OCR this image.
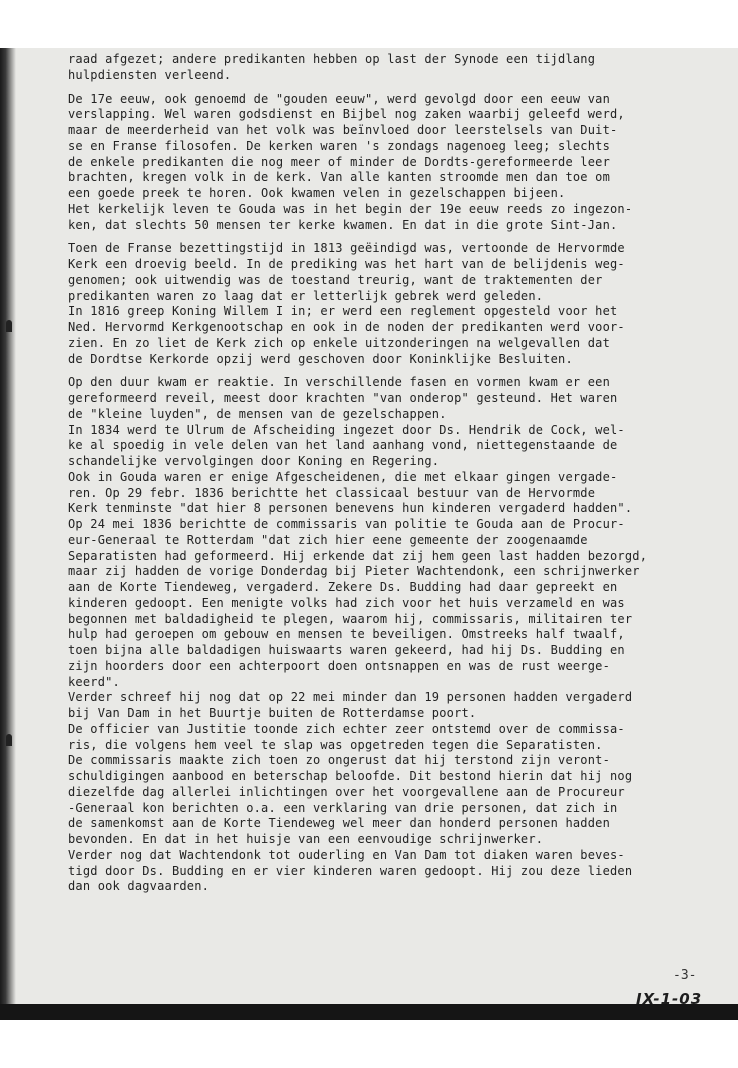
raad afgezet; andere predikanten hebben op last der Synode een tijdlang
hulpdiensten verleend.
De 17e eeuw, ook genoemd de "gouden eeuw", werd gevolgd door een eeuw van
verslapping. Wel waren godsdienst en Bijbel nog zaken waarbij geleefd werd,
maar de meerderheid van het volk was beïnvloed door leerstelsels van Duit-
se en Franse filosofen. De kerken waren 's zondags nagenoeg leeg; slechts
de enkele predikanten die nog meer of minder de Dordts-gereformeerde leer
brachten, kregen volk in de kerk. Van alle kanten stroomde men dan toe om
een goede preek te horen. Ook kwamen velen in gezelschappen bijeen.
Het kerkelijk leven te Gouda was in het begin der 19e eeuw reeds zo ingezon-
ken, dat slechts 50 mensen ter kerke kwamen. En dat in die grote Sint-Jan.
Toen de Franse bezettingstijd in 1813 geëindigd was, vertoonde de Hervormde
Kerk een droevig beeld. In de prediking was het hart van de belijdenis weg-
genomen; ook uitwendig was de toestand treurig, want de traktementen der
predikanten waren zo laag dat er letterlijk gebrek werd geleden.
In 1816 greep Koning Willem I in; er werd een reglement opgesteld voor het
Ned. Hervormd Kerkgenootschap en ook in de noden der predikanten werd voor-
zien. En zo liet de Kerk zich op enkele uitzonderingen na welgevallen dat
de Dordtse Kerkorde opzij werd geschoven door Koninklijke Besluiten.
Op den duur kwam er reaktie. In verschillende fasen en vormen kwam er een
gereformeerd reveil, meest door krachten "van onderop" gesteund. Het waren
de "kleine luyden", de mensen van de gezelschappen.
In 1834 werd te Ulrum de Afscheiding ingezet door Ds. Hendrik de Cock, wel-
ke al spoedig in vele delen van het land aanhang vond, niettegenstaande de
schandelijke vervolgingen door Koning en Regering.
Ook in Gouda waren er enige Afgescheidenen, die met elkaar gingen vergade-
ren. Op 29 febr. 1836 berichtte het classicaal bestuur van de Hervormde
Kerk tenminste "dat hier 8 personen benevens hun kinderen vergaderd hadden".
Op 24 mei 1836 berichtte de commissaris van politie te Gouda aan de Procur-
eur-Generaal te Rotterdam "dat zich hier eene gemeente der zoogenaamde
Separatisten had geformeerd. Hij erkende dat zij hem geen last hadden bezorgd,
maar zij hadden de vorige Donderdag bij Pieter Wachtendonk, een schrijnwerker
aan de Korte Tiendeweg, vergaderd. Zekere Ds. Budding had daar gepreekt en
kinderen gedoopt. Een menigte volks had zich voor het huis verzameld en was
begonnen met baldadigheid te plegen, waarom hij, commissaris, militairen ter
hulp had geroepen om gebouw en mensen te beveiligen. Omstreeks half twaalf,
toen bijna alle baldadigen huiswaarts waren gekeerd, had hij Ds. Budding en
zijn hoorders door een achterpoort doen ontsnappen en was de rust weerge-
keerd".
Verder schreef hij nog dat op 22 mei minder dan 19 personen hadden vergaderd
bij Van Dam in het Buurtje buiten de Rotterdamse poort.
De officier van Justitie toonde zich echter zeer ontstemd over de commissa-
ris, die volgens hem veel te slap was opgetreden tegen die Separatisten.
De commissaris maakte zich toen zo ongerust dat hij terstond zijn veront-
schuldigingen aanbood en beterschap beloofde. Dit bestond hierin dat hij nog
diezelfde dag allerlei inlichtingen over het voorgevallene aan de Procureur
-Generaal kon berichten o.a. een verklaring van drie personen, dat zich in
de samenkomst aan de Korte Tiendeweg wel meer dan honderd personen hadden
bevonden. En dat in het huisje van een eenvoudige schrijnwerker.
Verder nog dat Wachtendonk tot ouderling en Van Dam tot diaken waren beves-
tigd door Ds. Budding en er vier kinderen waren gedoopt. Hij zou deze lieden
dan ook dagvaarden.
-3-
IX-1-03
